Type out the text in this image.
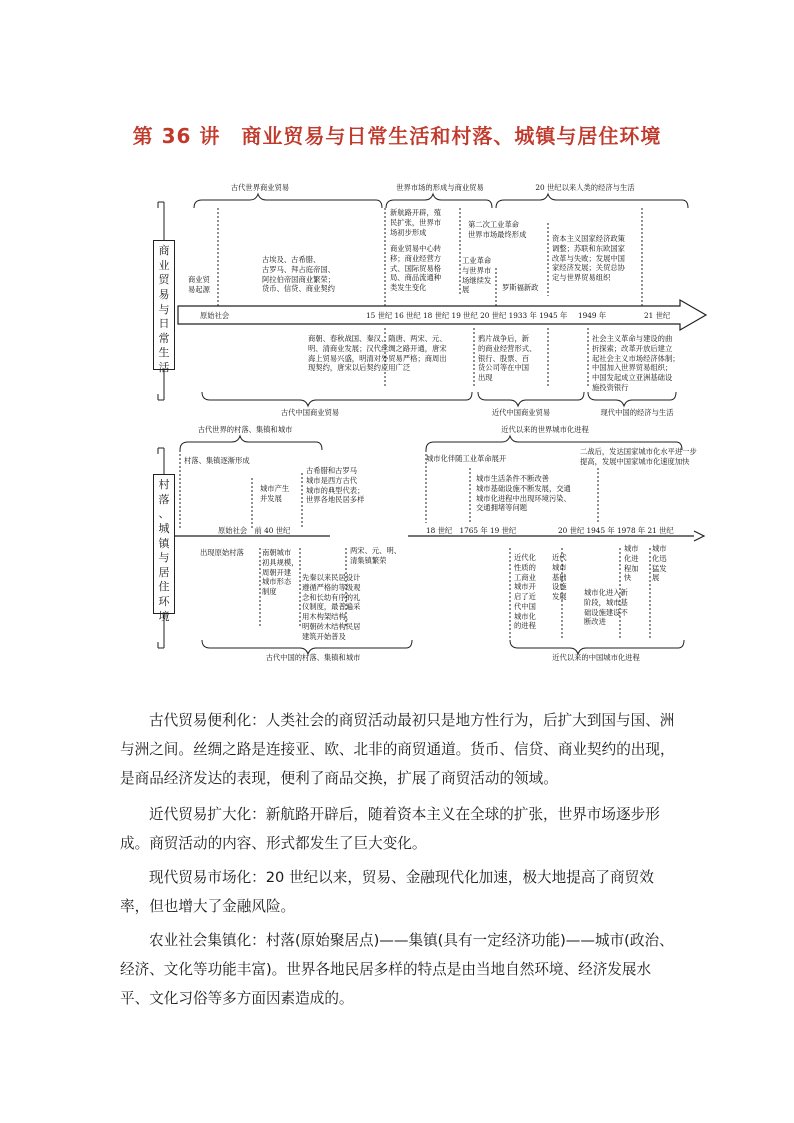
第 36 讲　商业贸易与日常生活和村落、城镇与居住环境
商 业 贸 易 与 日 常 生 活
村 落 、 城 镇 与 居 住 环 境
古代世界商业贸易	世界市场的形成与商业贸易	20 世纪以来人类的经济与生活
商业贸
易起源
古埃及、古希腊、
古罗马、拜占庭帝国、
阿拉伯帝国商业繁荣；
货币、信贷、商业契约
新航路开辟，殖
民扩张，世界市
场初步形成
商业贸易中心转
移；商业经营方
式、国际贸易格
局、商品流通种
类发生变化
第二次工业革命
世界市场最终形成
工业革命
与世界市
场继续发
展	罗斯福新政
资本主义国家经济政策
调整；苏联和东欧国家
改革与失败；发展中国
家经济发展；关贸总协
定与世界贸易组织
原始社会	15 世纪 16 世纪 18 世纪 19 世纪 20 世纪 1933 年 1945 年 1949 年	21 世纪
商朝、春秋战国、秦汉、隋唐、两宋、元、
明、清商业发展；汉代丝绸之路开通，唐宋
海上贸易兴盛，明清对外贸易严格；商周出
现契约，唐宋以后契约应用广泛
鸦片战争后，新
的商业经营形式、
银行、股票、百
货公司等在中国
出现
社会主义革命与建设的曲
折探索；改革开放后建立
起社会主义市场经济体制；
中国加入世界贸易组织；
中国发起成立亚洲基础设
施投资银行
古代中国商业贸易	近代中国商业贸易	现代中国的经济与生活
古代世界的村落、集镇和城市	近代以来的世界城市化进程
村落、集镇逐渐形成
城市产生
并发展
古希腊和古罗马
城市是西方古代
城市的典型代表；
世界各地民居多样
城市化伴随工业革命展开
二战后，发达国家城市化水平进一步
提高，发展中国家城市化速度加快
城市生活条件不断改善
城市基础设施不断发展，交通
城市化进程中出现环境污染、
交通拥堵等问题
原始社会　前 40 世纪	18 世纪　1765 年 19 世纪	20 世纪 1945 年 1978 年 21 世纪
出现原始村落	南朝城市
初具规模，
周朝开建
城市形态
制度
两宋、元、明、
清集镇繁荣
先秦以来民居设计
遵循严格的等级观
念和长幼有序的礼
仪制度，最普遍采
用木构架结构，
明朝砖木结构民居
建筑开始普及
近代化
性质的
工商业
城市开
启了近
代中国
城市化
的进程
近代
城市
基础
设施
发展
城市
化进
程加
快
城市
化迅
猛发
展
城市化进入新
阶段，城市基
础设施建设不
断改进
古代中国的村落、集镇和城市	近代以来的中国城市化进程

古代贸易便利化：人类社会的商贸活动最初只是地方性行为，后扩大到国与国、洲与洲之间。丝绸之路是连接亚、欧、北非的商贸通道。货币、信贷、商业契约的出现，是商品经济发达的表现，便利了商品交换，扩展了商贸活动的领域。

近代贸易扩大化：新航路开辟后，随着资本主义在全球的扩张，世界市场逐步形成。商贸活动的内容、形式都发生了巨大变化。

现代贸易市场化：20 世纪以来，贸易、金融现代化加速，极大地提高了商贸效率，但也增大了金融风险。

农业社会集镇化：村落(原始聚居点)——集镇(具有一定经济功能)——城市(政治、经济、文化等功能丰富)。世界各地民居多样的特点是由当地自然环境、经济发展水平、文化习俗等多方面因素造成的。
